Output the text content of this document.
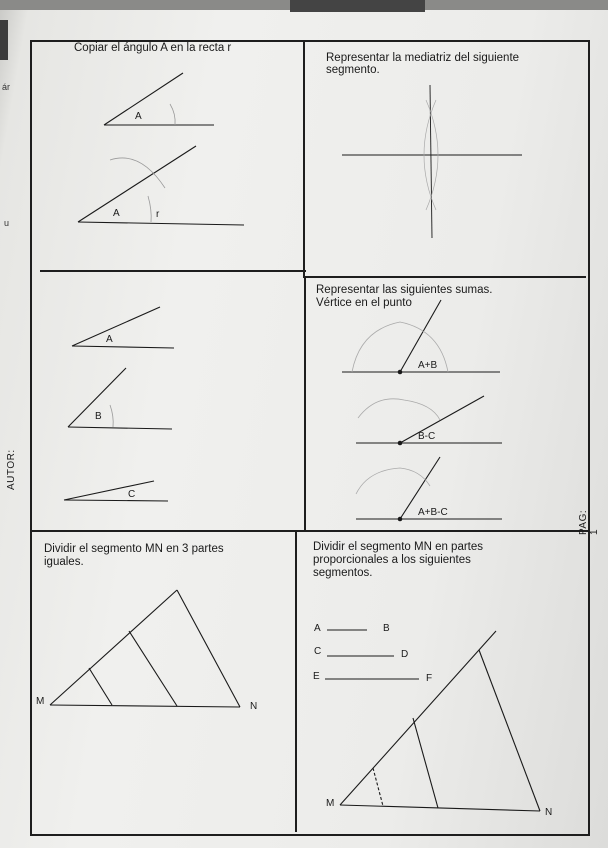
ár
u
AUTOR:
PAG: 1
Copiar el ángulo A en la recta r
Representar la mediatriz del siguiente
segmento.
Representar las siguientes sumas.
Vértice en el punto
Dividir el segmento MN en 3 partes
iguales.
Dividir el segmento MN en partes
proporcionales a los siguientes
segmentos.
A
A	r
A
B
C
A+B
B-C
A+B-C
M	N
A	B
C	D
E	F
M
N
